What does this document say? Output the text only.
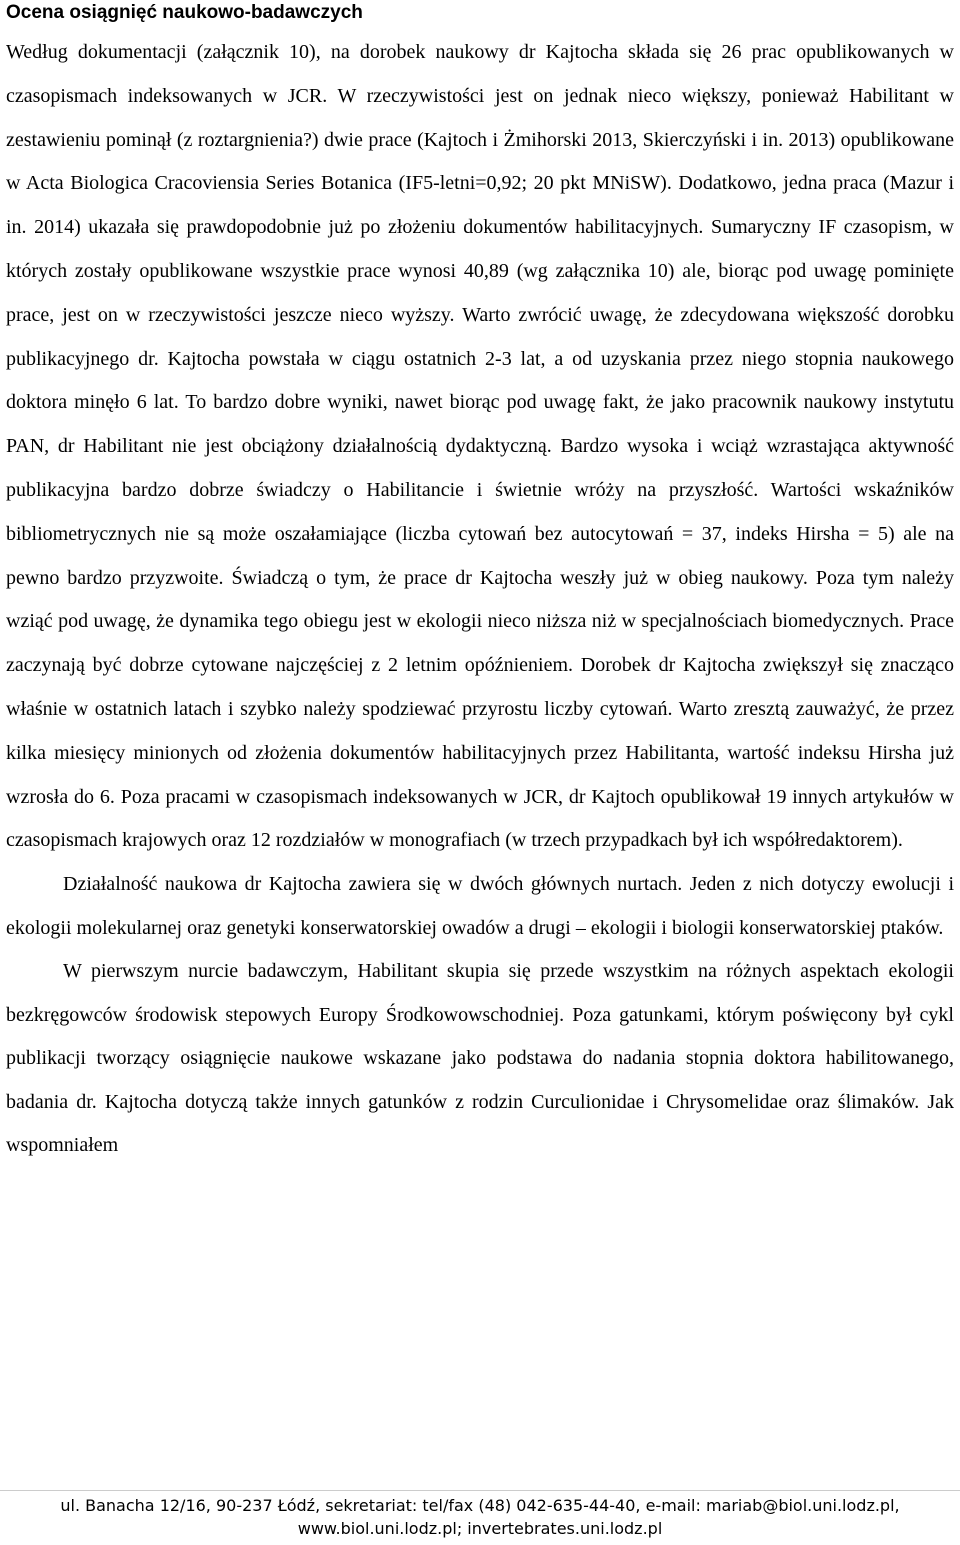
Ocena osiągnięć naukowo-badawczych

Według dokumentacji (załącznik 10), na dorobek naukowy dr Kajtocha składa się 26 prac opublikowanych w czasopismach indeksowanych w JCR. W rzeczywistości jest on jednak nieco większy, ponieważ Habilitant w zestawieniu pominął (z roztargnienia?) dwie prace (Kajtoch i Żmihorski 2013, Skierczyński i in. 2013) opublikowane w Acta Biologica Cracoviensia Series Botanica (IF5-letni=0,92; 20 pkt MNiSW). Dodatkowo, jedna praca (Mazur i in. 2014) ukazała się prawdopodobnie już po złożeniu dokumentów habilitacyjnych. Sumaryczny IF czasopism, w których zostały opublikowane wszystkie prace wynosi 40,89 (wg załącznika 10) ale, biorąc pod uwagę pominięte prace, jest on w rzeczywistości jeszcze nieco wyższy. Warto zwrócić uwagę, że zdecydowana większość dorobku publikacyjnego dr. Kajtocha powstała w ciągu ostatnich 2-3 lat, a od uzyskania przez niego stopnia naukowego doktora minęło 6 lat. To bardzo dobre wyniki, nawet biorąc pod uwagę fakt, że jako pracownik naukowy instytutu PAN, dr Habilitant nie jest obciążony działalnością dydaktyczną. Bardzo wysoka i wciąż wzrastająca aktywność publikacyjna bardzo dobrze świadczy o Habilitancie i świetnie wróży na przyszłość. Wartości wskaźników bibliometrycznych nie są może oszałamiające (liczba cytowań bez autocytowań = 37, indeks Hirsha = 5) ale na pewno bardzo przyzwoite. Świadczą o tym, że prace dr Kajtocha weszły już w obieg naukowy. Poza tym należy wziąć pod uwagę, że dynamika tego obiegu jest w ekologii nieco niższa niż w specjalnościach biomedycznych. Prace zaczynają być dobrze cytowane najczęściej z 2 letnim opóźnieniem. Dorobek dr Kajtocha zwiększył się znacząco właśnie w ostatnich latach i szybko należy spodziewać przyrostu liczby cytowań. Warto zresztą zauważyć, że przez kilka miesięcy minionych od złożenia dokumentów habilitacyjnych przez Habilitanta, wartość indeksu Hirsha już wzrosła do 6. Poza pracami w czasopismach indeksowanych w JCR, dr Kajtoch opublikował 19 innych artykułów w czasopismach krajowych oraz 12 rozdziałów w monografiach (w trzech przypadkach był ich współredaktorem).

Działalność naukowa dr Kajtocha zawiera się w dwóch głównych nurtach. Jeden z nich dotyczy ewolucji i ekologii molekularnej oraz genetyki konserwatorskiej owadów a drugi – ekologii i biologii konserwatorskiej ptaków.

W pierwszym nurcie badawczym, Habilitant skupia się przede wszystkim na różnych aspektach ekologii bezkręgowców środowisk stepowych Europy Środkowowschodniej. Poza gatunkami, którym poświęcony był cykl publikacji tworzący osiągnięcie naukowe wskazane jako podstawa do nadania stopnia doktora habilitowanego, badania dr. Kajtocha dotyczą także innych gatunków z rodzin Curculionidae i Chrysomelidae oraz ślimaków. Jak wspomniałem

ul. Banacha 12/16, 90-237 Łódź, sekretariat: tel/fax (48) 042-635-44-40, e-mail: mariab@biol.uni.lodz.pl,
www.biol.uni.lodz.pl; invertebrates.uni.lodz.pl
